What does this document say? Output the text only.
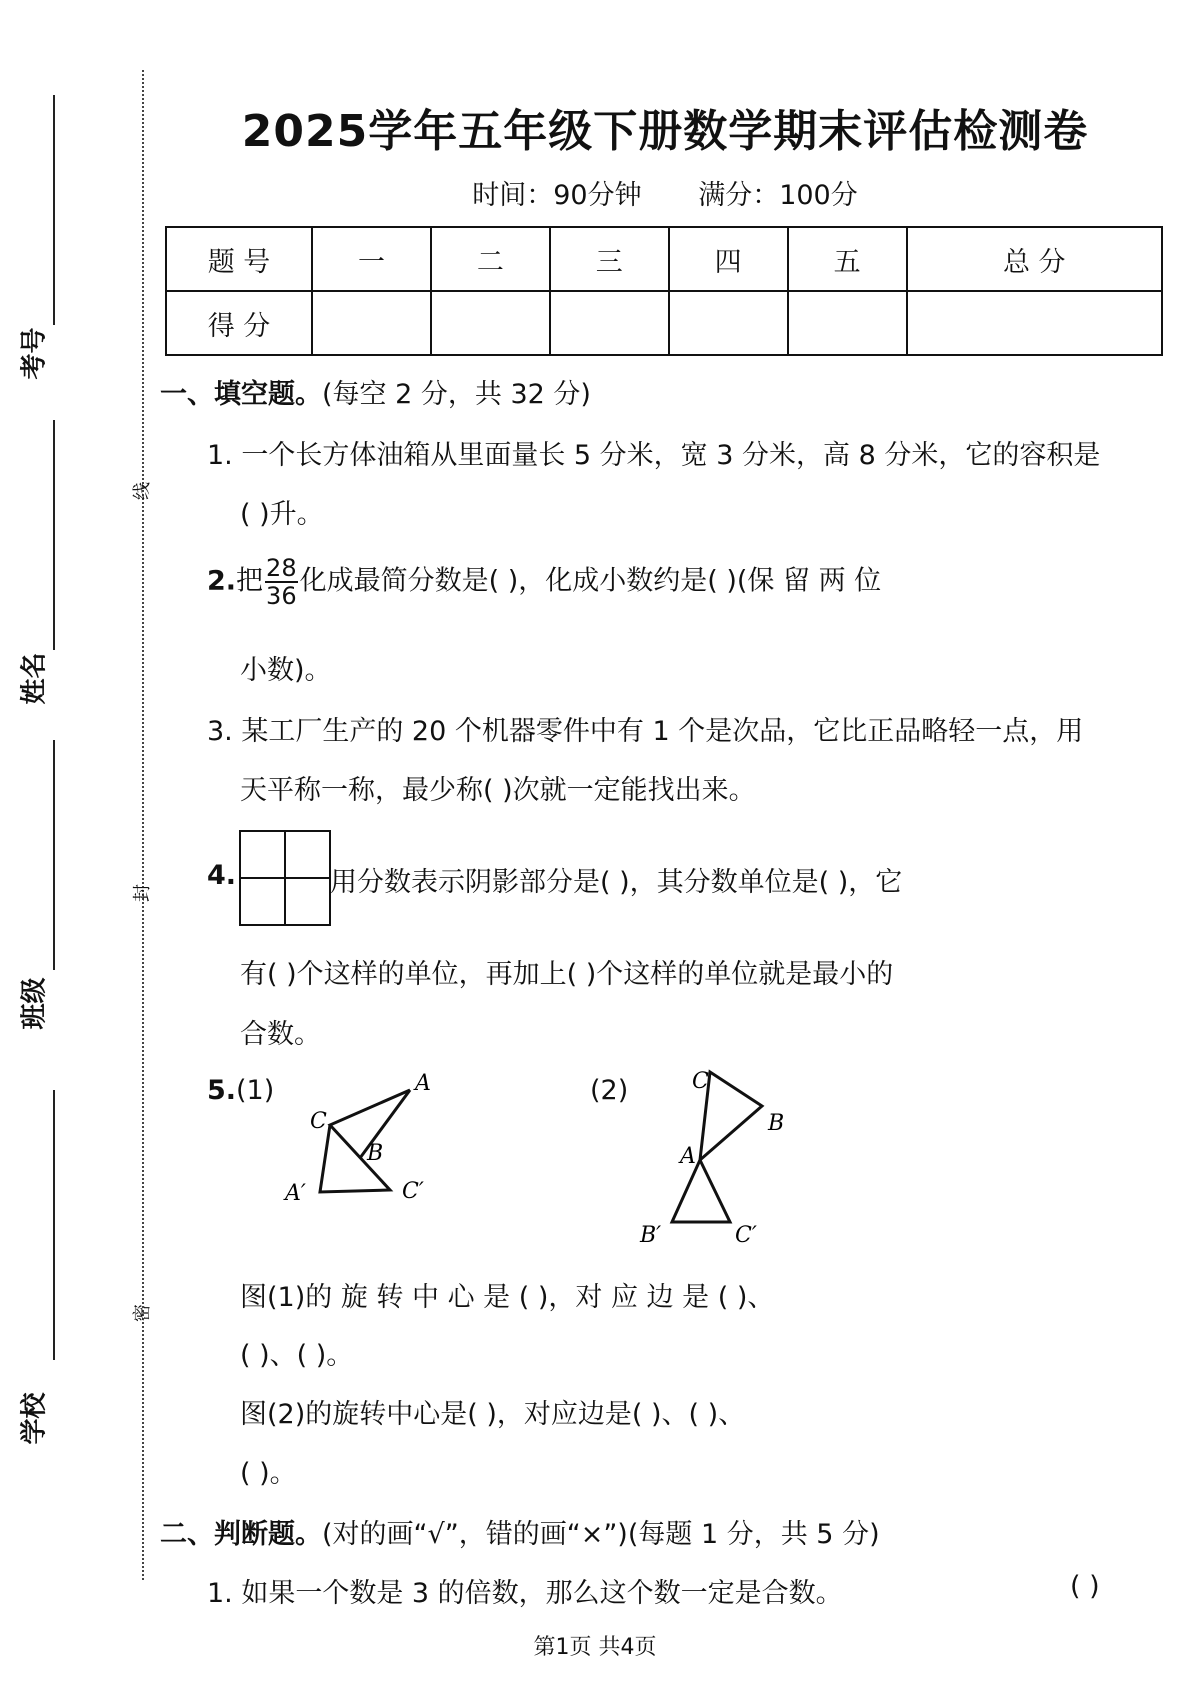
考号
姓名
班级
学校
线
封
密
2025学年五年级下册数学期末评估检测卷
时间：90分钟 满分：100分
题 号	一	二	三	四	五	总 分
得 分						
一、填空题。(每空 2 分，共 32 分)
1. 一个长方体油箱从里面量长 5 分米，宽 3 分米，高 8 分米，它的容积是
( )升。
2.把 $\frac{28}{36}$ 化成最简分数是( )，化成小数约是( )(保 留 两 位
小数)。
3. 某工厂生产的 20 个机器零件中有 1 个是次品，它比正品略轻一点，用
天平称一称，最少称( )次就一定能找出来。
4.	用分数表示阴影部分是( )，其分数单位是( )，它
有( )个这样的单位，再加上( )个这样的单位就是最小的
合数。
5. (1)	(2)
A
C
B
A′	C′
C
B
A
B′	C′
图(1)的 旋 转 中 心 是 ( )，对 应 边 是 ( )、
( )、( )。
图(2)的旋转中心是( )，对应边是( )、( )、
( )。
二、判断题。(对的画“√”，错的画“×”)(每题 1 分，共 5 分)
1. 如果一个数是 3 的倍数，那么这个数一定是合数。	( )
第1页 共4页
